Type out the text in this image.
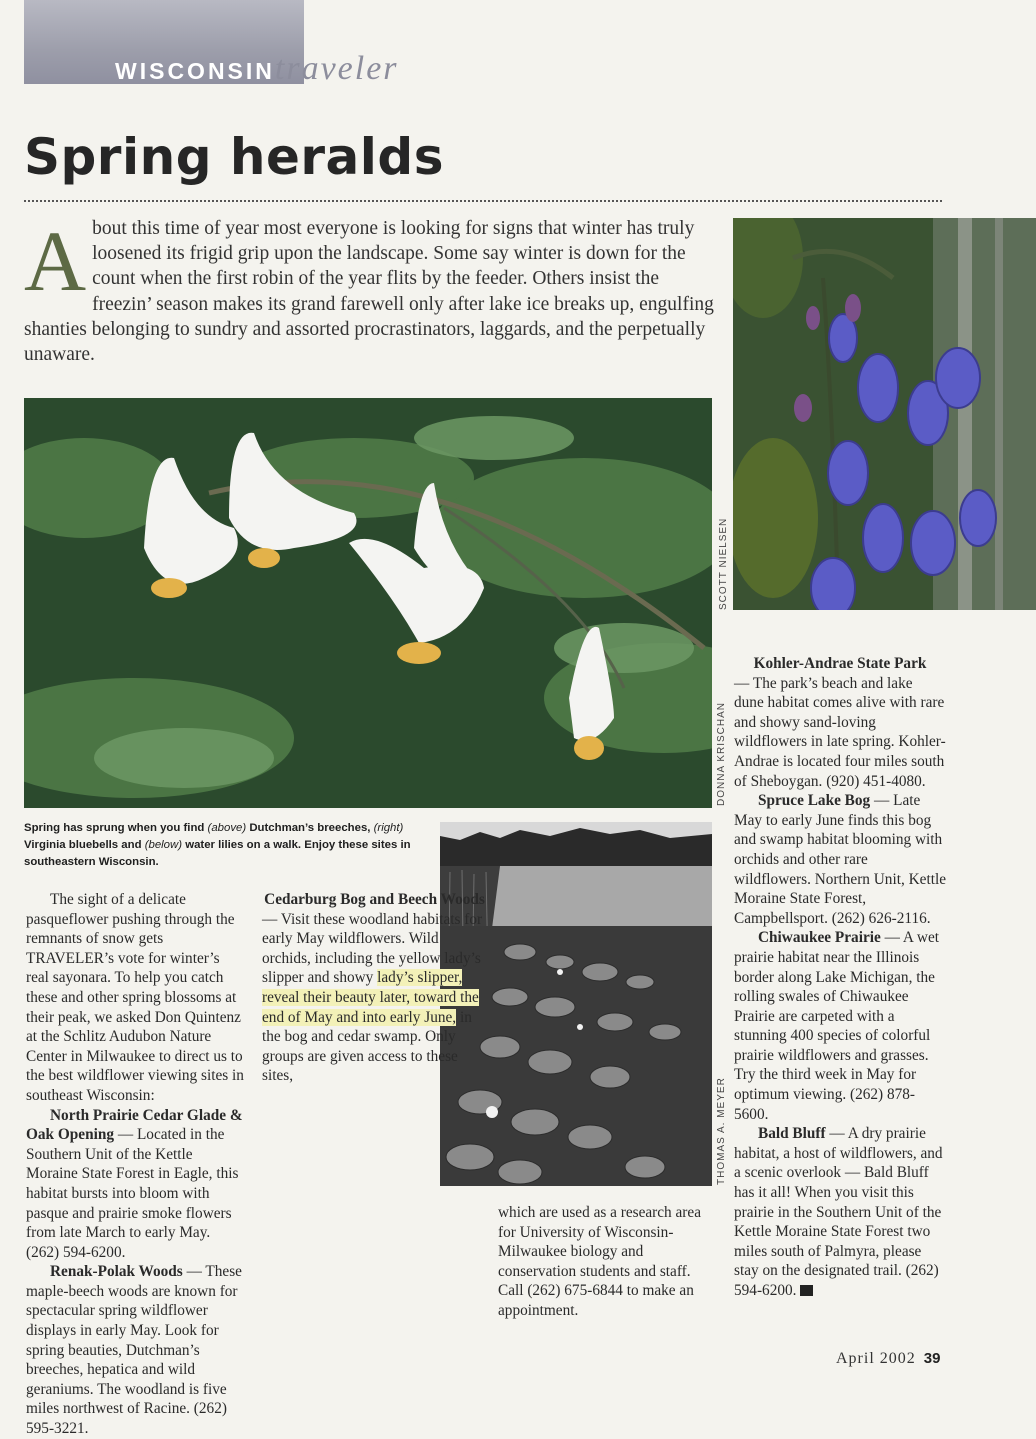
WISCONSINtraveler
Spring heralds
About this time of year most everyone is looking for signs that winter has truly loosened its frigid grip upon the landscape. Some say winter is down for the count when the first robin of the year flits by the feeder. Others insist the freezin’ season makes its grand farewell only after lake ice breaks up, engulfing shanties belonging to sundry and assorted procrastinators, laggards, and the perpetually unaware.
SCOTT NIELSEN
DONNA KRISCHAN
Spring has sprung when you find (above) Dutchman’s breeches, (right) Virginia bluebells and (below) water lilies on a walk. Enjoy these sites in southeastern Wisconsin.
THOMAS A. MEYER

The sight of a delicate pasqueflower pushing through the remnants of snow gets TRAVELER’s vote for winter’s real sayonara. To help you catch these and other spring blossoms at their peak, we asked Don Quintenz at the Schlitz Audubon Nature Center in Milwaukee to direct us to the best wildflower viewing sites in southeast Wisconsin:

North Prairie Cedar Glade & Oak Opening — Located in the Southern Unit of the Kettle Moraine State Forest in Eagle, this habitat bursts into bloom with pasque and prairie smoke flowers from late March to early May. (262) 594-6200.

Renak-Polak Woods — These maple-beech woods are known for spectacular spring wildflower displays in early May. Look for spring beauties, Dutchman’s breeches, hepatica and wild geraniums. The woodland is five miles northwest of Racine. (262) 595-3221.

Cedarburg Bog and Beech Woods

— Visit these woodland habitats for early May wildflowers. Wild orchids, including the yellow lady’s slipper and showy lady’s slipper, reveal their beauty later, toward the end of May and into early June, in the bog and cedar swamp. Only groups are given access to these sites,

which are used as a research area for University of Wisconsin-Milwaukee biology and conservation students and staff. Call (262) 675-6844 to make an appointment.

Kohler-Andrae State Park

— The park’s beach and lake dune habitat comes alive with rare and showy sand-loving wildflowers in late spring. Kohler-Andrae is located four miles south of Sheboygan. (920) 451-4080.

Spruce Lake Bog — Late May to early June finds this bog and swamp habitat blooming with orchids and other rare wildflowers. Northern Unit, Kettle Moraine State Forest, Campbellsport. (262) 626-2116.

Chiwaukee Prairie — A wet prairie habitat near the Illinois border along Lake Michigan, the rolling swales of Chiwaukee Prairie are carpeted with a stunning 400 species of colorful prairie wildflowers and grasses. Try the third week in May for optimum viewing. (262) 878-5600.

Bald Bluff — A dry prairie habitat, a host of wildflowers, and a scenic overlook — Bald Bluff has it all! When you visit this prairie in the Southern Unit of the Kettle Moraine State Forest two miles south of Palmyra, please stay on the designated trail. (262) 594-6200.

April 2002 39
